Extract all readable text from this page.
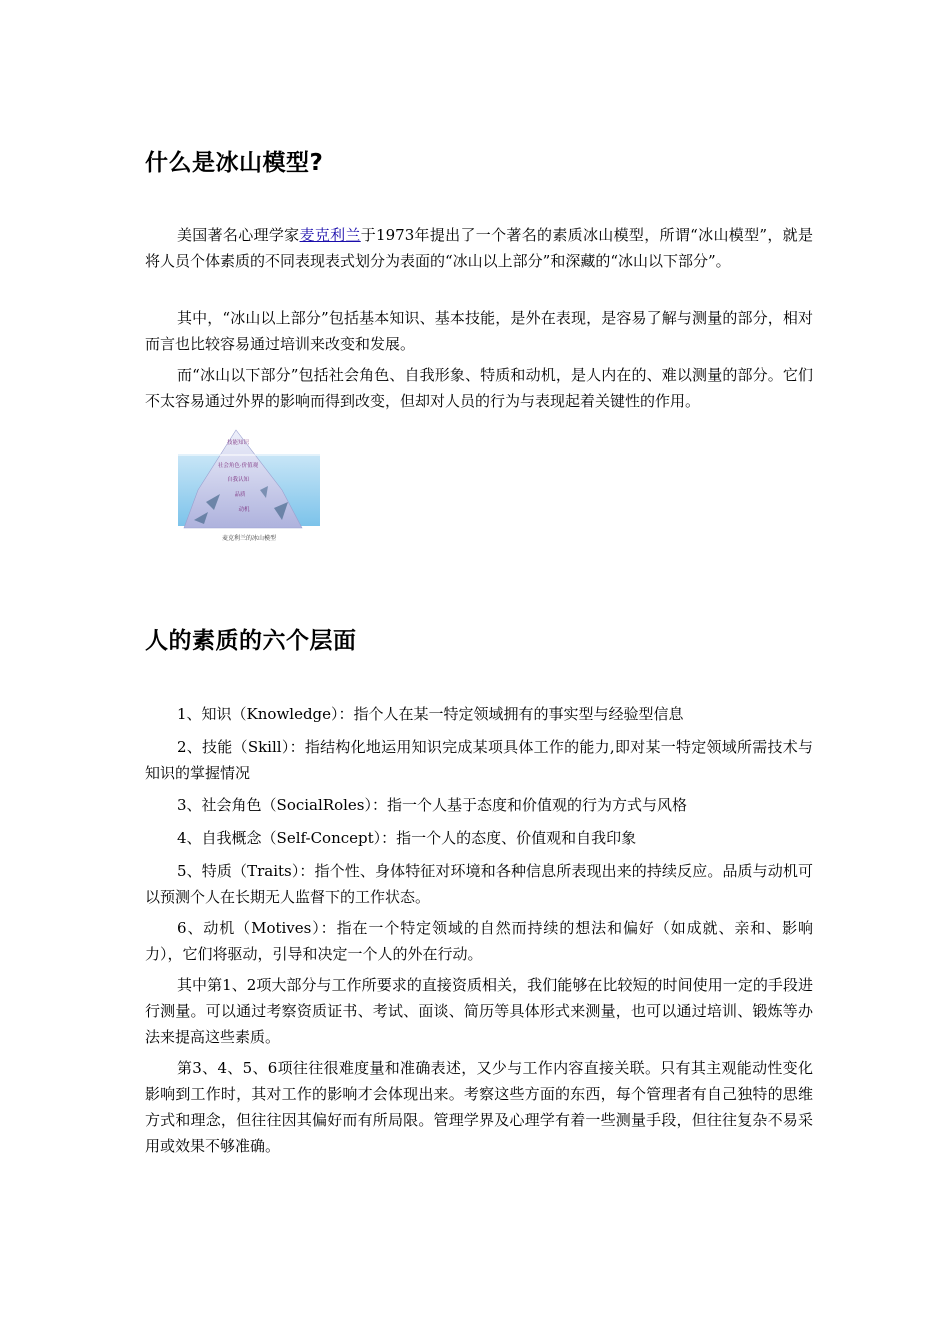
什么是冰山模型?

美国著名心理学家麦克利兰于1973年提出了一个著名的素质冰山模型，所谓“冰山模型”，就是将人员个体素质的不同表现表式划分为表面的“冰山以上部分”和深藏的“冰山以下部分”。

其中，“冰山以上部分”包括基本知识、基本技能，是外在表现，是容易了解与测量的部分，相对而言也比较容易通过培训来改变和发展。

而“冰山以下部分”包括社会角色、自我形象、特质和动机，是人内在的、难以测量的部分。它们不太容易通过外界的影响而得到改变，但却对人员的行为与表现起着关键性的作用。

技能知识
社会角色·价值观
自我认知
品质
动机
麦克利兰的冰山模型
人的素质的六个层面

1、知识（Knowledge）：指个人在某一特定领域拥有的事实型与经验型信息

2、技能（Skill）：指结构化地运用知识完成某项具体工作的能力,即对某一特定领域所需技术与知识的掌握情况

3、社会角色（SocialRoles）：指一个人基于态度和价值观的行为方式与风格

4、自我概念（Self-Concept）：指一个人的态度、价值观和自我印象

5、特质（Traits）：指个性、身体特征对环境和各种信息所表现出来的持续反应。品质与动机可以预测个人在长期无人监督下的工作状态。

6、动机（Motives）：指在一个特定领域的自然而持续的想法和偏好（如成就、亲和、影响力），它们将驱动，引导和决定一个人的外在行动。

其中第1、2项大部分与工作所要求的直接资质相关，我们能够在比较短的时间使用一定的手段进行测量。可以通过考察资质证书、考试、面谈、简历等具体形式来测量，也可以通过培训、锻炼等办法来提高这些素质。

第3、4、5、6项往往很难度量和准确表述，又少与工作内容直接关联。只有其主观能动性变化影响到工作时，其对工作的影响才会体现出来。考察这些方面的东西，每个管理者有自己独特的思维方式和理念，但往往因其偏好而有所局限。管理学界及心理学有着一些测量手段，但往往复杂不易采用或效果不够准确。
